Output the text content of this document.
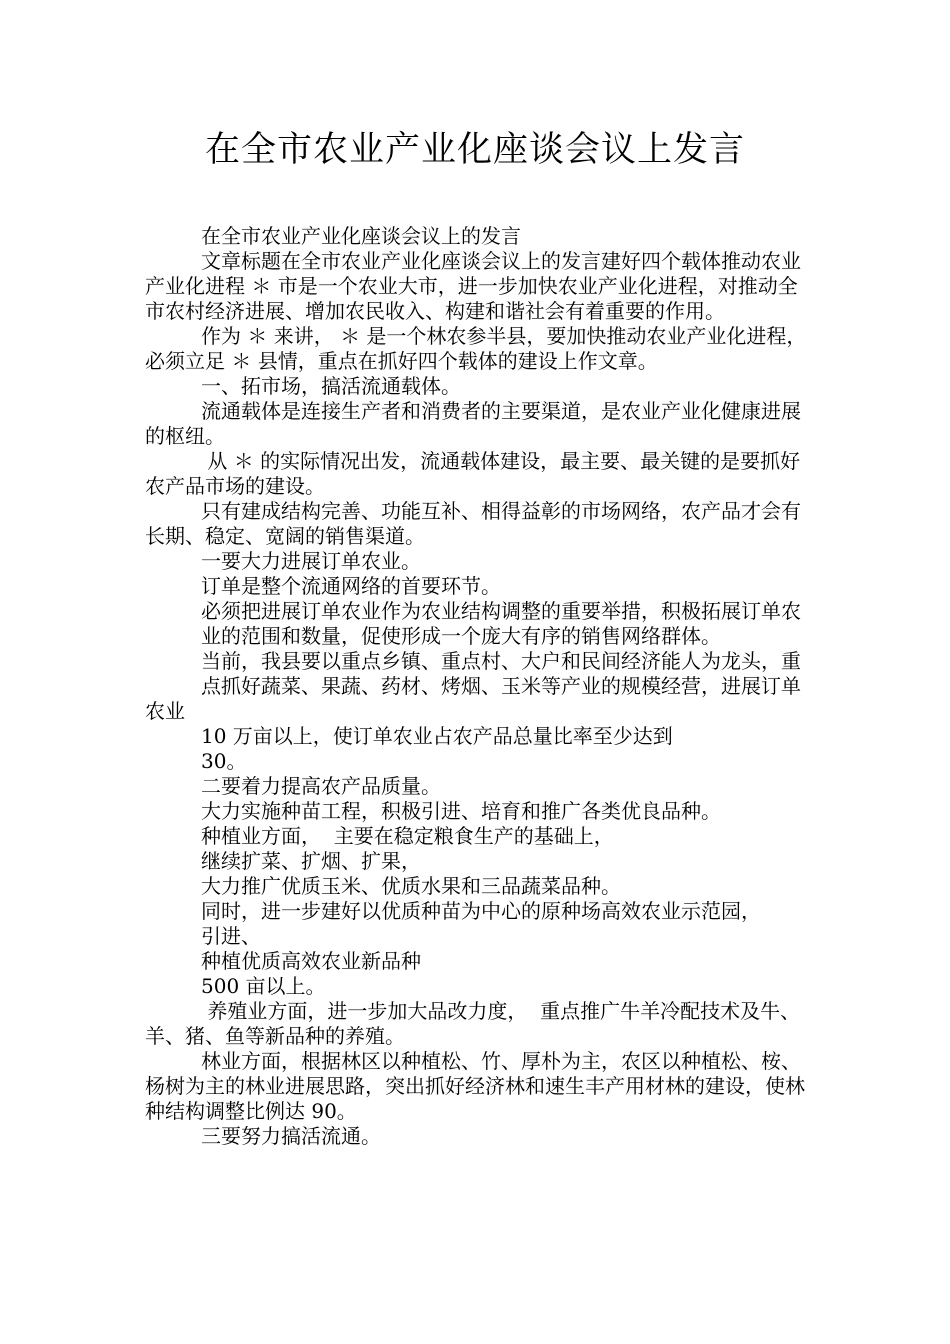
在全市农业产业化座谈会议上发言

在全市农业产业化座谈会议上的发言

文章标题在全市农业产业化座谈会议上的发言建好四个载体推动农业产业化进程 ＊ 市是一个农业大市，进一步加快农业产业化进程，对推动全市农村经济进展、增加农民收入、构建和谐社会有着重要的作用。

作为 ＊ 来讲， ＊ 是一个林农参半县，要加快推动农业产业化进程，必须立足 ＊ 县情，重点在抓好四个载体的建设上作文章。

一、拓市场，搞活流通载体。

流通载体是连接生产者和消费者的主要渠道，是农业产业化健康进展的枢纽。

从 ＊ 的实际情况出发，流通载体建设，最主要、最关键的是要抓好农产品市场的建设。

只有建成结构完善、功能互补、相得益彰的市场网络，农产品才会有长期、稳定、宽阔的销售渠道。

一要大力进展订单农业。

订单是整个流通网络的首要环节。

必须把进展订单农业作为农业结构调整的重要举措，积极拓展订单农

业的范围和数量，促使形成一个庞大有序的销售网络群体。

当前，我县要以重点乡镇、重点村、大户和民间经济能人为龙头，重

点抓好蔬菜、果蔬、药材、烤烟、玉米等产业的规模经营，进展订单农业

10 万亩以上，使订单农业占农产品总量比率至少达到

30。

二要着力提高农产品质量。

大力实施种苗工程，积极引进、培育和推广各类优良品种。

种植业方面，  主要在稳定粮食生产的基础上，

继续扩菜、扩烟、扩果，

大力推广优质玉米、优质水果和三品蔬菜品种。

同时，进一步建好以优质种苗为中心的原种场高效农业示范园，

引进、

种植优质高效农业新品种

500 亩以上。

养殖业方面，进一步加大品改力度，  重点推广牛羊冷配技术及牛、 羊、猪、鱼等新品种的养殖。

林业方面，根据林区以种植松、竹、厚朴为主，农区以种植松、桉、杨树为主的林业进展思路，突出抓好经济林和速生丰产用材林的建设，使林种结构调整比例达 90。

三要努力搞活流通。
